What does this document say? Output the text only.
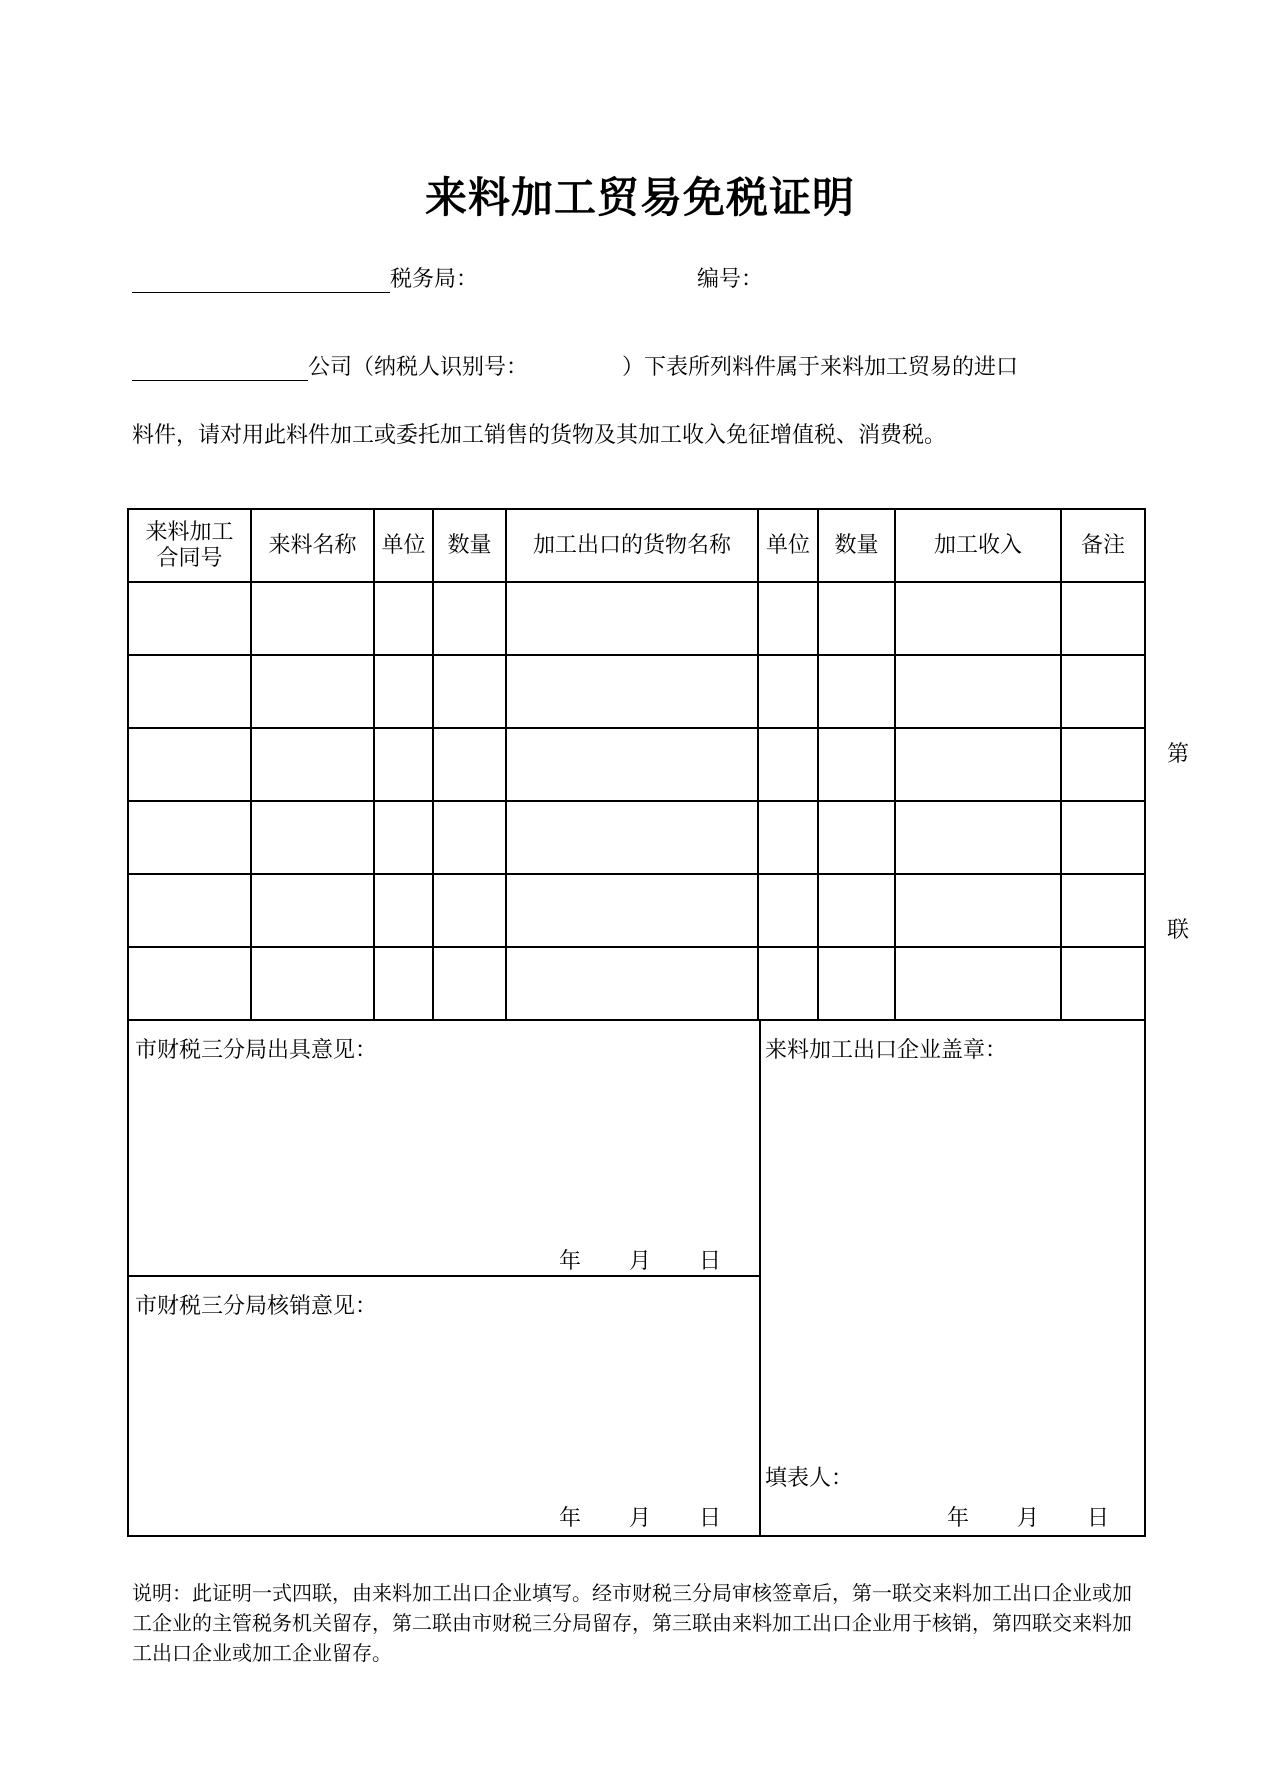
来料加工贸易免税证明
税务局：	编号：
公司（纳税人识别号：	）下表所列料件属于来料加工贸易的进口
料件，请对用此料件加工或委托加工销售的货物及其加工收入免征增值税、消费税。
来料加工
合同号	来料名称	单位	数量	加工出口的货物名称	单位	数量	加工收入	备注

市财税三分局出具意见：
年 月 日
市财税三分局核销意见：
年 月 日
来料加工出口企业盖章：
填表人：
年 月 日
第
联
说明：此证明一式四联，由来料加工出口企业填写。经市财税三分局审核签章后，第一联交来料加工出口企业或加工企业的主管税务机关留存，第二联由市财税三分局留存，第三联由来料加工出口企业用于核销，第四联交来料加工出口企业或加工企业留存。
